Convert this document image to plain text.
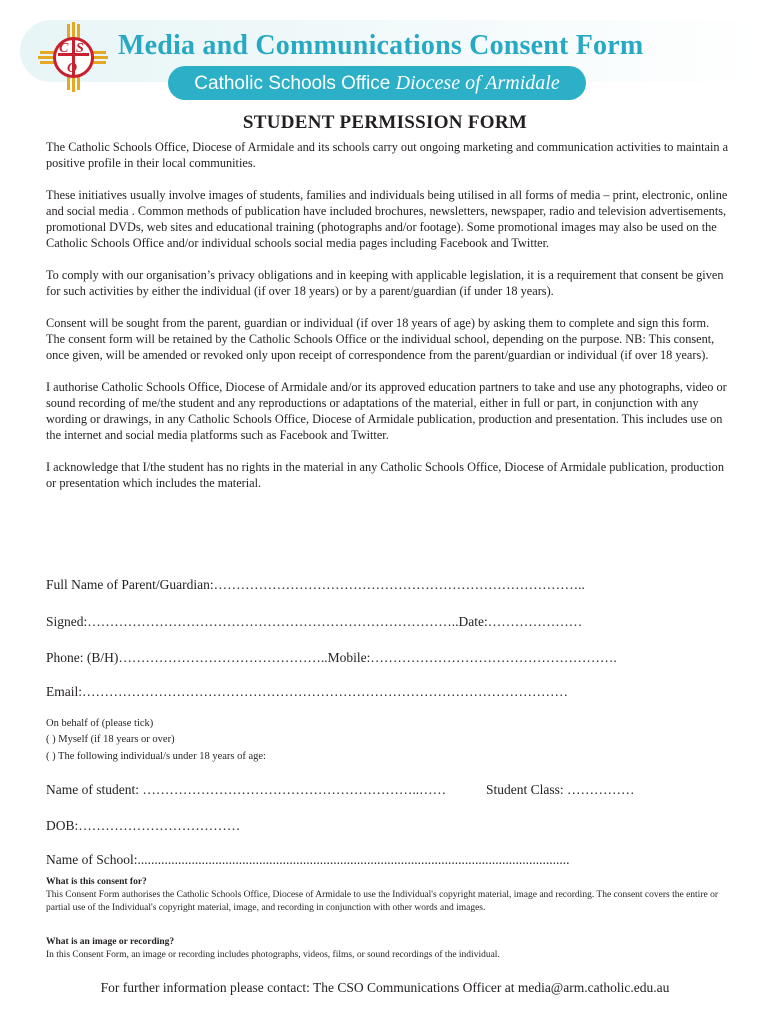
C S
O
Media and Communications Consent Form
Catholic Schools Office Diocese of Armidale
STUDENT PERMISSION FORM

The Catholic Schools Office, Diocese of Armidale and its schools carry out ongoing marketing and communication activities to maintain a positive profile in their local communities.

These initiatives usually involve images of students, families and individuals being utilised in all forms of media – print, electronic, online and social media . Common methods of publication have included brochures, newsletters, newspaper, radio and television advertisements, promotional DVDs, web sites and educational training (photographs and/or footage). Some promotional images may also be used on the Catholic Schools Office and/or individual schools social media pages including Facebook and Twitter.

To comply with our organisation’s privacy obligations and in keeping with applicable legislation, it is a requirement that consent be given for such activities by either the individual (if over 18 years) or by a parent/guardian (if under 18 years).

Consent will be sought from the parent, guardian or individual (if over 18 years of age) by asking them to complete and sign this form. The consent form will be retained by the Catholic Schools Office or the individual school, depending on the purpose. NB: This consent, once given, will be amended or revoked only upon receipt of correspondence from the parent/guardian or individual (if over 18 years).

I authorise Catholic Schools Office, Diocese of Armidale and/or its approved education partners to take and use any photographs, video or sound recording of me/the student and any reproductions or adaptations of the material, either in full or part, in conjunction with any wording or drawings, in any Catholic Schools Office, Diocese of Armidale publication, production and presentation. This includes use on the internet and social media platforms such as Facebook and Twitter.

I acknowledge that I/the student has no rights in the material in any Catholic Schools Office, Diocese of Armidale publication, production or presentation which includes the material.

Full Name of Parent/Guardian:………………………………………………………………………..

Signed:………………………………………………………………………..Date:…………………

Phone: (B/H)………………………………………..Mobile:……………………………………………….

Email:………………………………………………………………………………………………

On behalf of (please tick)

( ) Myself (if 18 years or over)

( ) The following individual/s under 18 years of age:

Name of student: ……………………………………………………..……	Student Class: ……………

DOB:………………………………

Name of School:................................................................................................................................

What is this consent for?
This Consent Form authorises the Catholic Schools Office, Diocese of Armidale to use the Individual's copyright material, image and recording. The consent covers the entire or partial use of the Individual's copyright material, image, and recording in conjunction with other words and images.
What is an image or recording?
In this Consent Form, an image or recording includes photographs, videos, films, or sound recordings of the individual.

For further information please contact: The CSO Communications Officer at media@arm.catholic.edu.au
